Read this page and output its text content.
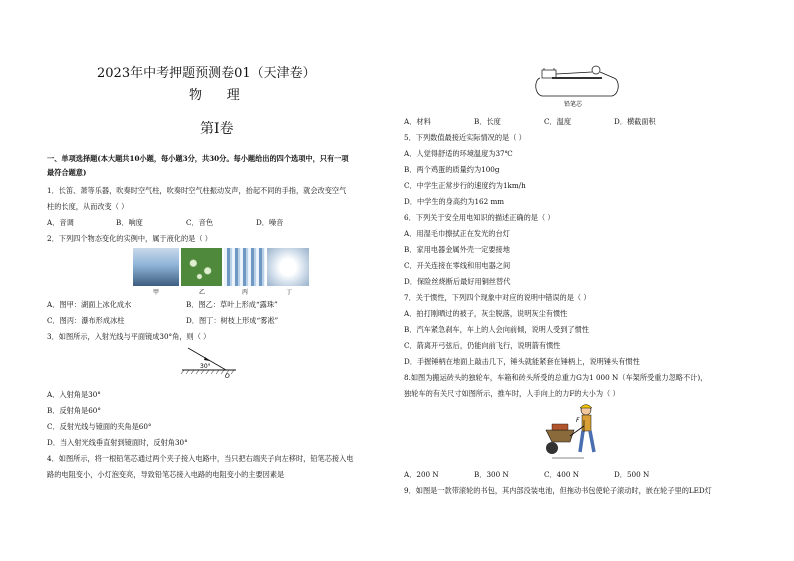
2023年中考押题预测卷01（天津卷）
物      理
第Ⅰ卷
一、单项选择题(本大题共10小题，每小题3分，共30分。每小题给出的四个选项中，只有一项
最符合题意)
1．长笛、萧等乐器，吹奏时空气柱，吹奏时空气柱振动发声，抬起不同的手指，就会改变空气
柱的长度，从而改变（ ）
A．音调	B．响度	C．音色	D．噪音
2．下列四个物态变化的实例中，属于液化的是（ ）
甲	乙	丙	丁
A．图甲：湖面上冰化成水	B．图乙：草叶上形成“露珠”
C．图丙：瀑布形成冰柱	D．图丁：树枝上形成“雾凇”
3．如图所示，入射光线与平面镜成30°角，则（ ）
30°
O
A．入射角是30°
B．反射角是60°
C．反射光线与镜面的夹角是60°
D．当入射光线垂直射到镜面时，反射角30°
4．如图所示，将一根铅笔芯通过两个夹子接入电路中，当只把右端夹子向左移时，铅笔芯接入电
路的电阻变小，小灯泡变亮，导致铅笔芯接入电路的电阻变小的主要因素是
铅笔芯
A．材料	B．长度	C．温度	D．横截面积
5．下列数值最接近实际情况的是（ ）
A．人觉得舒适的环境温度为37℃
B．两个鸡蛋的质量约为100g
C．中学生正常步行的速度约为1km/h
D．中学生的身高约为162 mm
6．下列关于安全用电知识的描述正确的是（ ）
A．用湿毛巾擦拭正在发光的台灯
B．家用电器金属外壳一定要接地
C．开关连接在零线和用电器之间
D．保险丝烧断后最好用铜丝替代
7．关于惯性，下列四个现象中对应的说明中错误的是（ ）
A．拍打刚晒过的被子，灰尘脱落，说明灰尘有惯性
B．汽车紧急刹车，车上的人会向前倾，说明人受到了惯性
C．箭离开弓弦后，仍能向前飞行，说明箭有惯性
D．手握锤柄在地面上敲击几下，锤头就能紧套在锤柄上，说明锤头有惯性
8.如图为搬运砖头的独轮车，车箱和砖头所受的总重力G为1 000 N（车架所受重力忽略不计)，
独轮车的有关尺寸如图所示，推车时，人手向上的力F的大小为（ ）
F
A．200 N	B．300 N	C．400 N	D．500 N
9．如图是一款带滚轮的书包，其内部没装电池，但拖动书包使轮子滚动时，嵌在轮子里的LED灯
